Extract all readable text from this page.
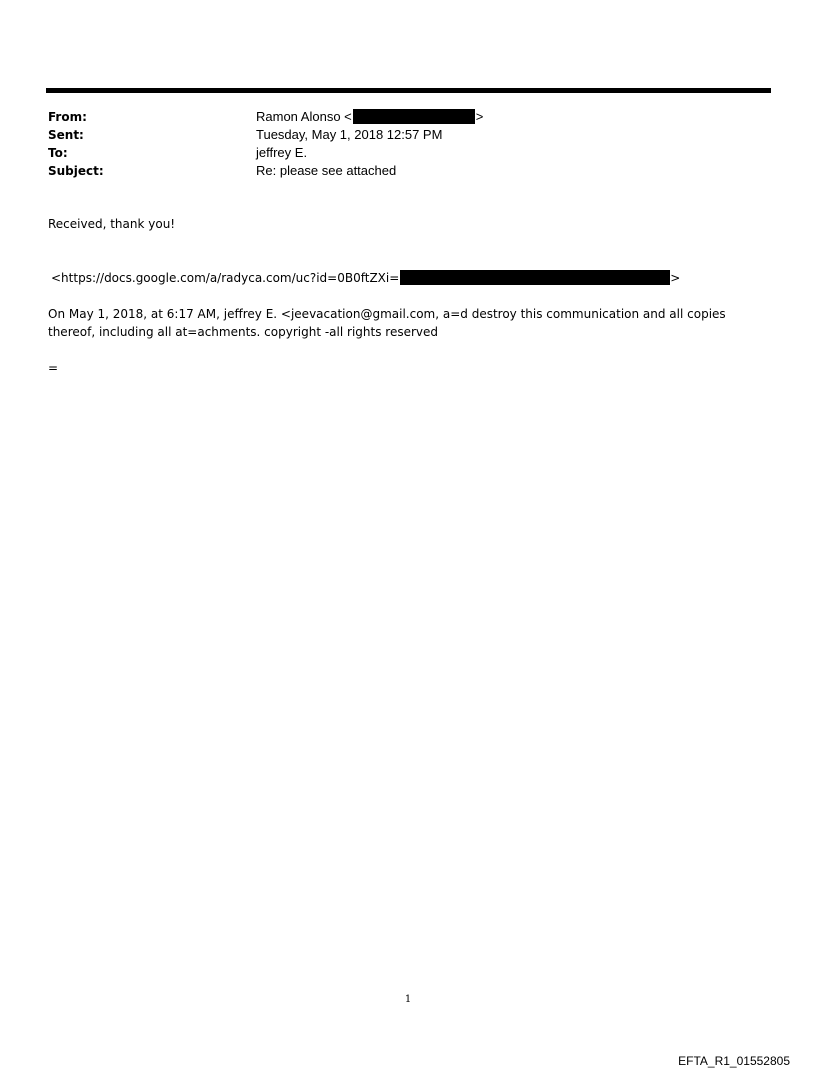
From:	Ramon Alonso <	>
Sent:	Tuesday, May 1, 2018 12:57 PM
To:	jeffrey E.
Subject:	Re: please see attached
Received, thank you!
<https://docs.google.com/a/radyca.com/uc?id=0B0ftZXi=	>
On May 1, 2018, at 6:17 AM, jeffrey E. <jeevacation@gmail.com, a=d destroy this communication and all copies thereof, including all at=achments. copyright -all rights reserved
=
1
EFTA_R1_01552805
